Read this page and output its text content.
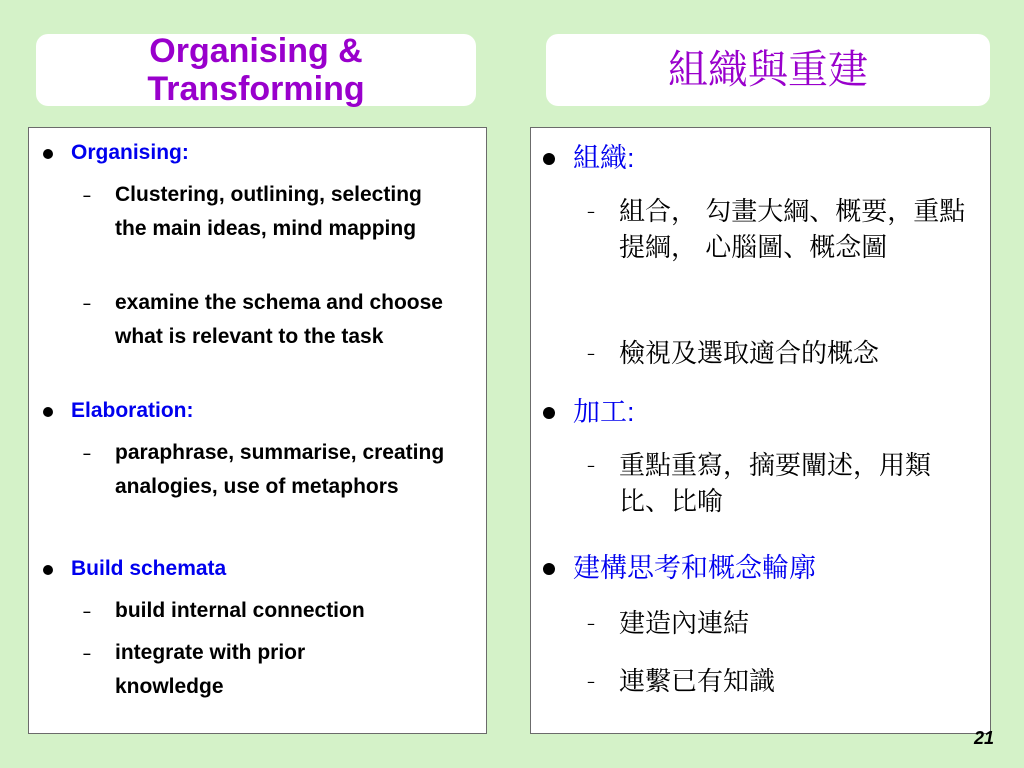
Organising & Transforming	組織與重建
Organising:
–	Clustering, outlining, selecting the main ideas, mind mapping
–	examine the schema and choose what is relevant to the task
Elaboration:
–	paraphrase, summarise, creating analogies, use of metaphors
Build schemata
–	build internal connection
–	integrate with prior knowledge
組織:
– 組合， 勾畫大綱、概要，重點提綱， 心腦圖、概念圖
– 檢視及選取適合的概念
加工:
– 重點重寫，摘要闡述，用類比、比喻
建構思考和概念輪廓
– 建造內連結
– 連繫已有知識
21
